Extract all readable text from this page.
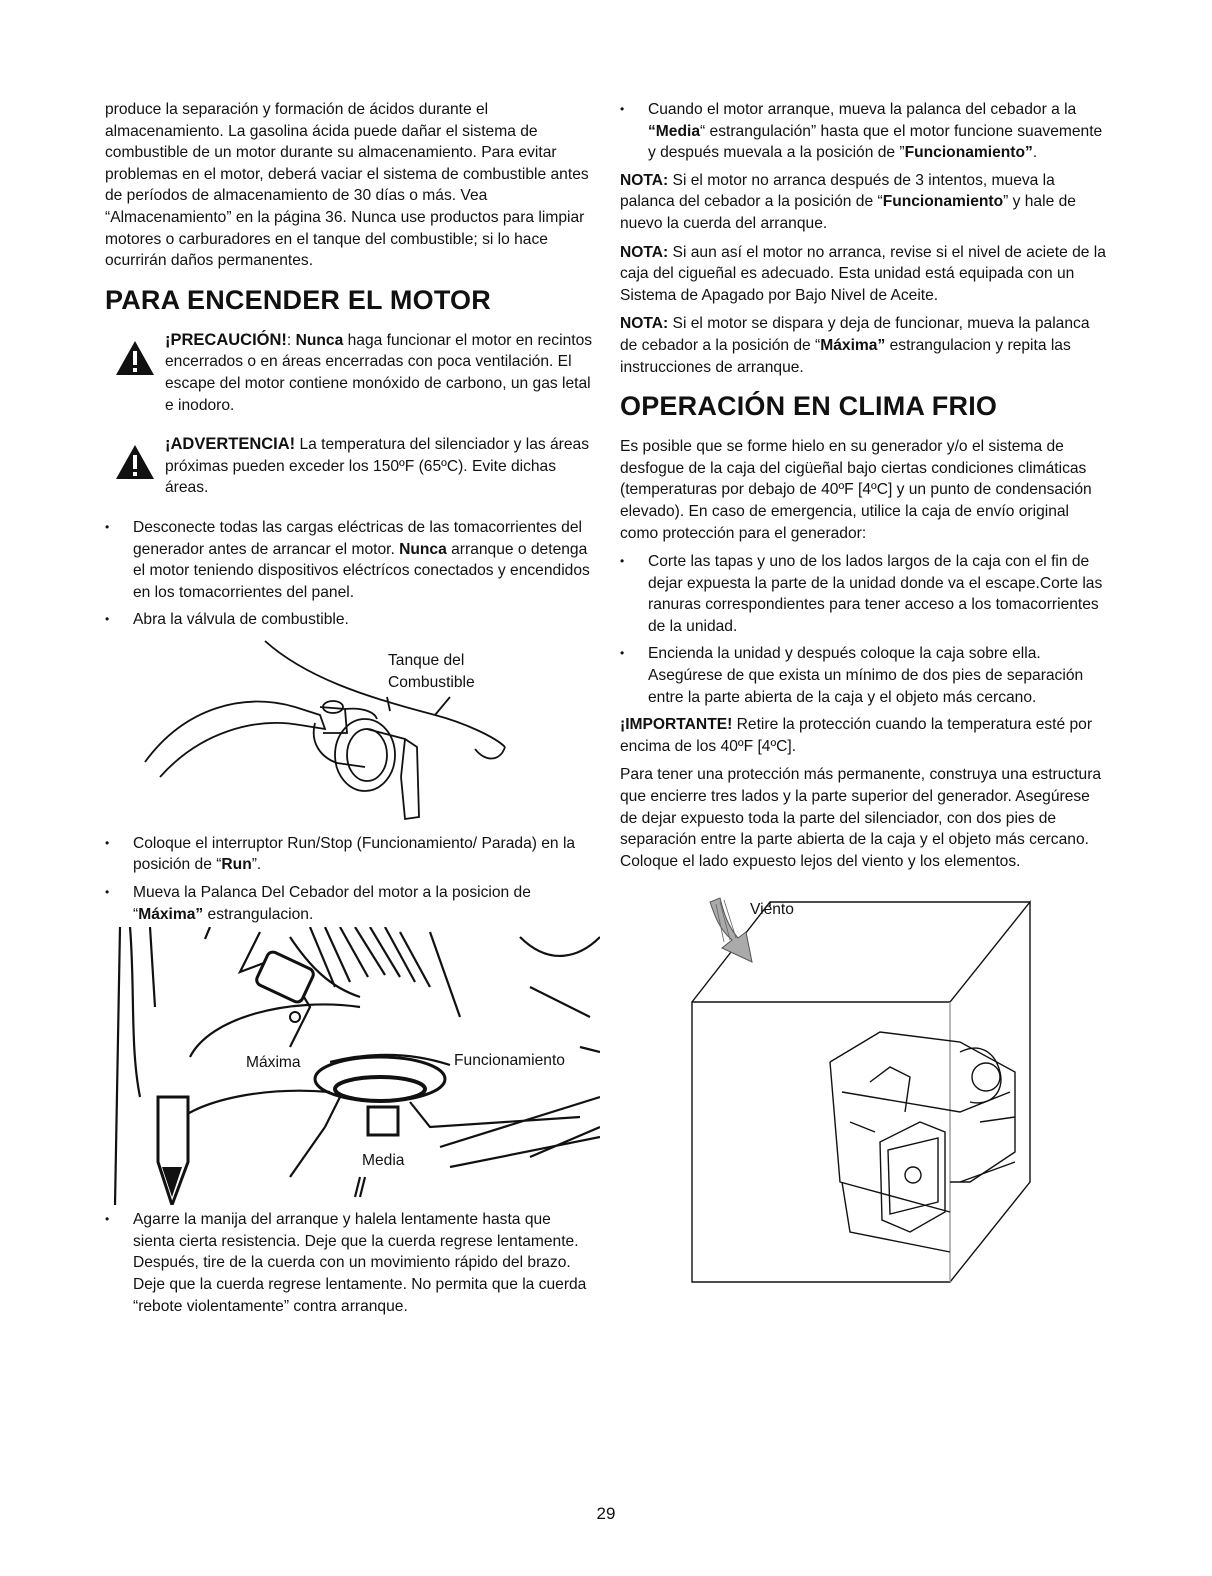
produce la separación y formación de ácidos durante el almacenamiento. La gasolina ácida puede dañar el sistema de combustible de un motor durante su almacenamiento. Para evitar problemas en el motor, deberá vaciar el sistema de combustible antes de períodos de almacenamiento de 30 días o más. Vea “Almacenamiento” en la página 36. Nunca use productos para limpiar motores o carburadores en el tanque del combustible; si lo hace ocurrirán daños permanentes.

PARA ENCENDER EL MOTOR
¡PRECAUCIÓN!: Nunca haga funcionar el motor en recintos encerrados o en áreas encerradas con poca ventilación. El escape del motor contiene monóxido de carbono, un gas letal e inodoro.
¡ADVERTENCIA! La temperatura del silenciador y las áreas próximas pueden exceder los 150ºF (65ºC). Evite dichas áreas.
• Desconecte todas las cargas eléctricas de las tomacorrientes del generador antes de arrancar el motor. Nunca arranque o detenga el motor teniendo dispositivos eléctrícos conectados y encendidos en los tomacorrientes del panel.
• Abra la válvula de combustible.
Tanque del
Combustible
• Coloque el interruptor Run/Stop (Funcionamiento/ Parada) en la posición de “Run”.
• Mueva la Palanca Del Cebador del motor a la posicion de “Máxima” estrangulacion.
Máxima	Funcionamiento
Media
• Agarre la manija del arranque y halela lentamente hasta que sienta cierta resistencia. Deje que la cuerda regrese lentamente. Después, tire de la cuerda con un movimiento rápido del brazo. Deje que la cuerda regrese lentamente. No permita que la cuerda “rebote violentamente” contra arranque.
• Cuando el motor arranque, mueva la palanca del cebador a la “Media“ estrangulación” hasta que el motor funcione suavemente y después muevala a la posición de ”Funcionamiento”.

NOTA: Si el motor no arranca después de 3 intentos, mueva la palanca del cebador a la posición de “Funcionamiento” y hale de nuevo la cuerda del arranque.

NOTA: Si aun así el motor no arranca, revise si el nivel de aciete de la caja del cigueñal es adecuado. Esta unidad está equipada con un Sistema de Apagado por Bajo Nivel de Aceite.

NOTA: Si el motor se dispara y deja de funcionar, mueva la palanca de cebador a la posición de “Máxima” estrangulacion y repita las instrucciones de arranque.

OPERACIÓN EN CLIMA FRIO

Es posible que se forme hielo en su generador y/o el sistema de desfogue de la caja del cigüeñal bajo ciertas condiciones climáticas (temperaturas por debajo de 40ºF [4ºC] y un punto de condensación elevado). En caso de emergencia, utilice la caja de envío original como protección para el generador:

• Corte las tapas y uno de los lados largos de la caja con el fin de dejar expuesta la parte de la unidad donde va el escape.Corte las ranuras correspondientes para tener acceso a los tomacorrientes de la unidad.
• Encienda la unidad y después coloque la caja sobre ella. Asegúrese de que exista un mínimo de dos pies de separación entre la parte abierta de la caja y el objeto más cercano.

¡IMPORTANTE! Retire la protección cuando la temperatura esté por encima de los 40ºF [4ºC].

Para tener una protección más permanente, construya una estructura que encierre tres lados y la parte superior del generador. Asegúrese de dejar expuesto toda la parte del silenciador, con dos pies de separación entre la parte abierta de la caja y el objeto más cercano. Coloque el lado expuesto lejos del viento y los elementos.

Viento
29
